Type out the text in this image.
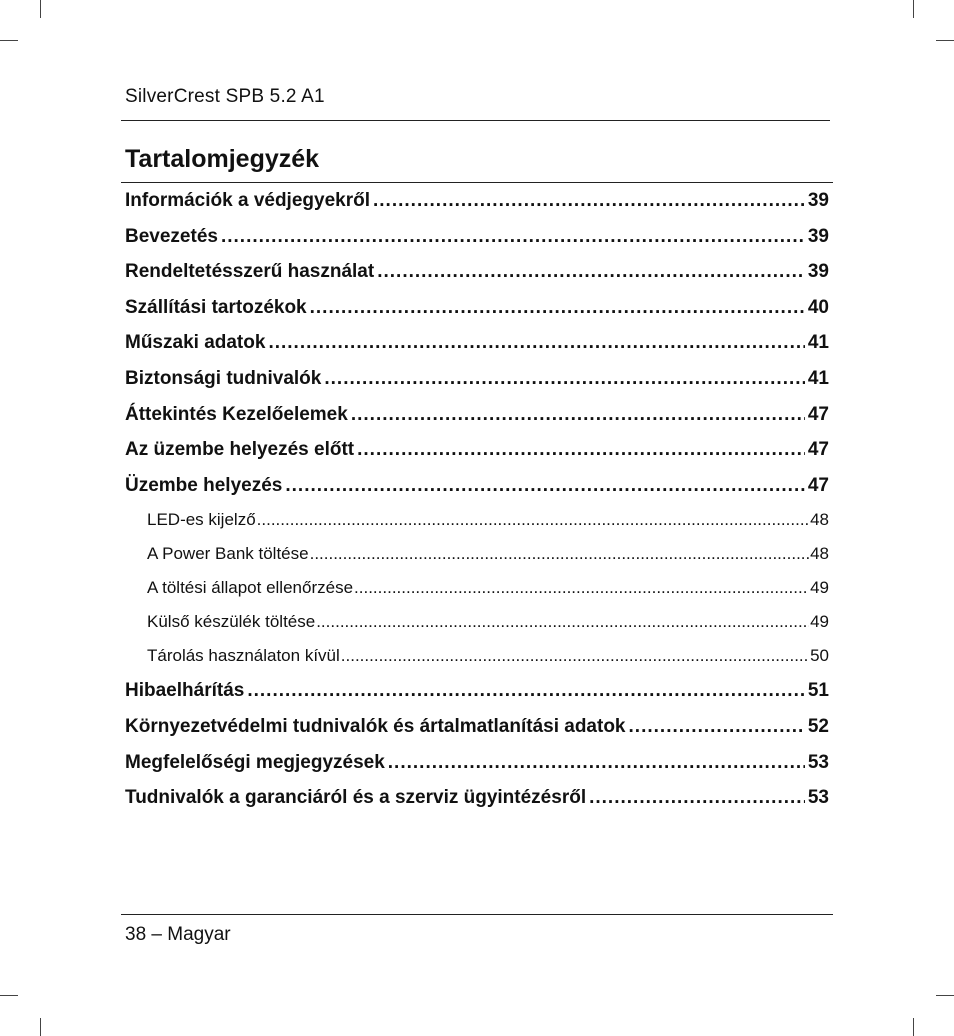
SilverCrest SPB 5.2 A1
Tartalomjegyzék
Információk a védjegyekről .....	39
Bevezetés .....	39
Rendeltetésszerű használat .....	39
Szállítási tartozékok .....	40
Műszaki adatok .....	41
Biztonsági tudnivalók .....	41
Áttekintés Kezelőelemek .....	47
Az üzembe helyezés előtt .....	47
Üzembe helyezés .....	47
LED-es kijelző .....	48
A Power Bank töltése .....	48
A töltési állapot ellenőrzése .....	49
Külső készülék töltése .....	49
Tárolás használaton kívül .....	50
Hibaelhárítás .....	51
Környezetvédelmi tudnivalók és ártalmatlanítási adatok .....	52
Megfelelőségi megjegyzések .....	53
Tudnivalók a garanciáról és a szerviz ügyintézésről .....	53
38 – Magyar
